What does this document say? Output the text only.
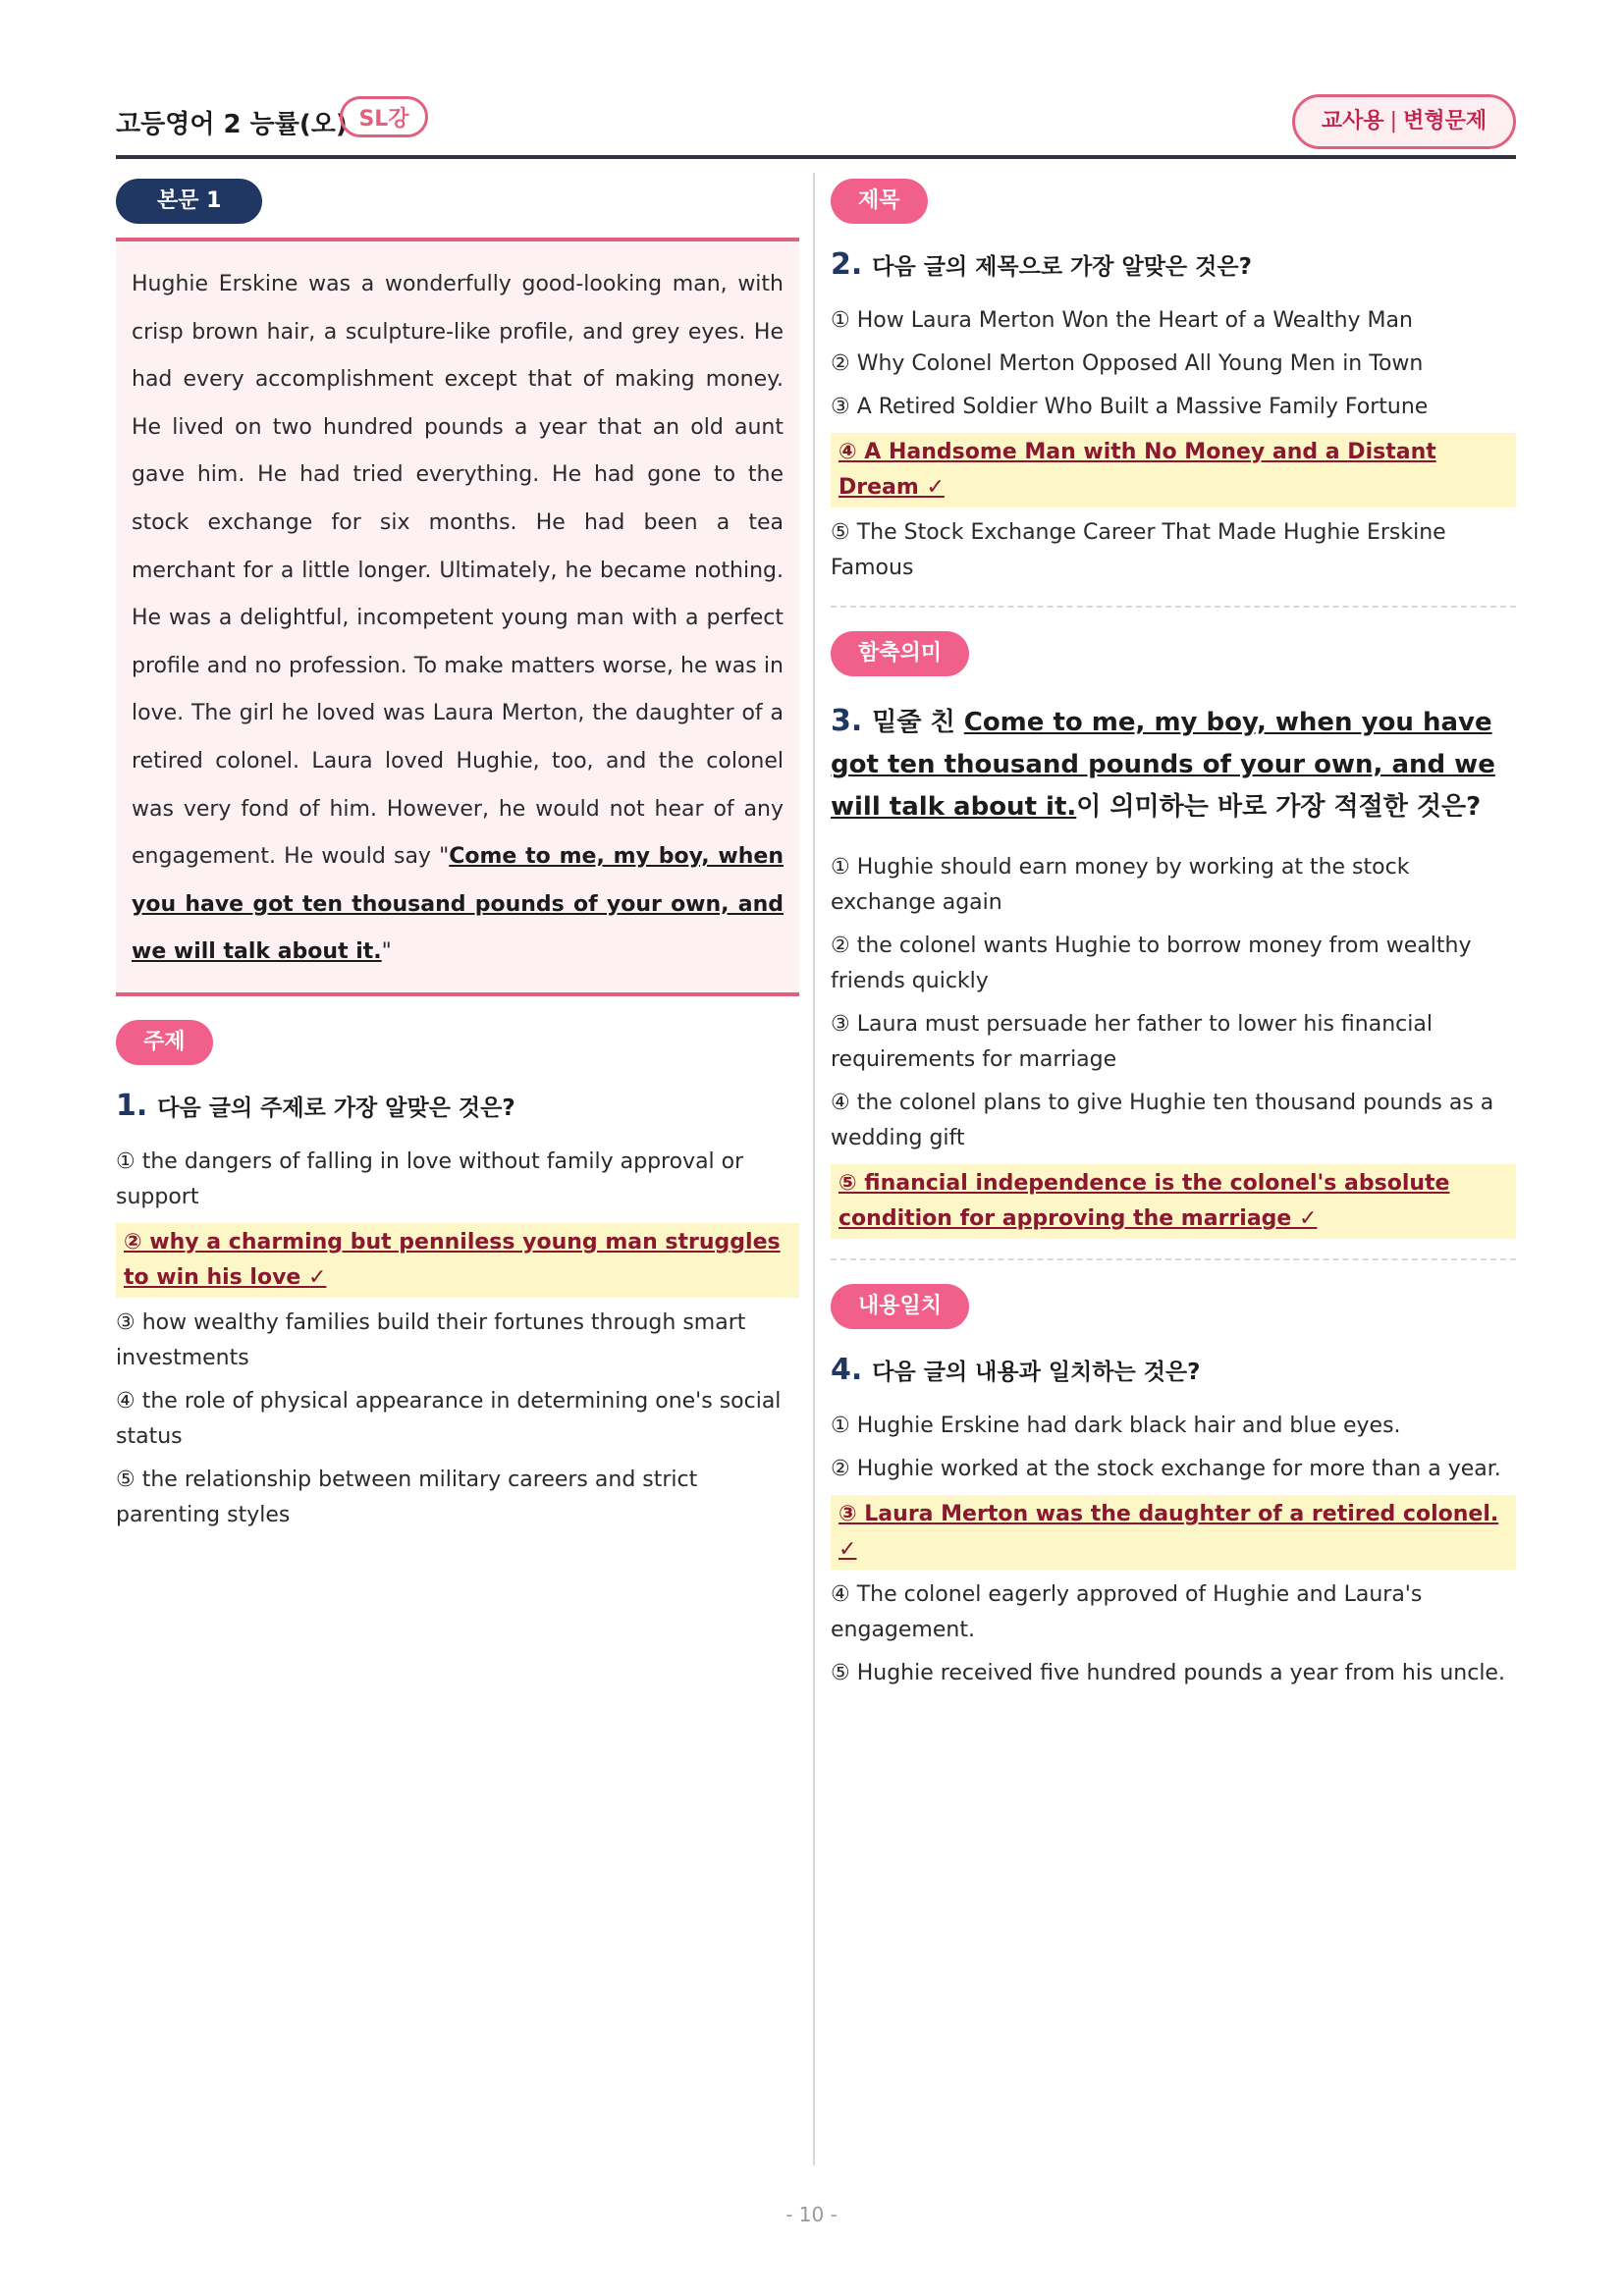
고등영어 2 능률(오) SL강	교사용 | 변형문제
본문 1

Hughie Erskine was a wonderfully good-looking man, with crisp brown hair, a sculpture-like profile, and grey eyes. He had every accomplishment except that of making money. He lived on two hundred pounds a year that an old aunt gave him. He had tried everything. He had gone to the stock exchange for six months. He had been a tea merchant for a little longer. Ultimately, he became nothing. He was a delightful, incompetent young man with a perfect profile and no profession. To make matters worse, he was in love. The girl he loved was Laura Merton, the daughter of a retired colonel. Laura loved Hughie, too, and the colonel was very fond of him. However, he would not hear of any engagement. He would say "Come to me, my boy, when you have got ten thousand pounds of your own, and we will talk about it."

주제
1. 다음 글의 주제로 가장 알맞은 것은?
① the dangers of falling in love without family approval or support
② why a charming but penniless young man struggles to win his love ✓
③ how wealthy families build their fortunes through smart investments
④ the role of physical appearance in determining one's social status
⑤ the relationship between military careers and strict parenting styles
제목
2. 다음 글의 제목으로 가장 알맞은 것은?
① How Laura Merton Won the Heart of a Wealthy Man
② Why Colonel Merton Opposed All Young Men in Town
③ A Retired Soldier Who Built a Massive Family Fortune
④ A Handsome Man with No Money and a Distant Dream ✓
⑤ The Stock Exchange Career That Made Hughie Erskine Famous
함축의미
3. 밑줄 친 Come to me, my boy, when you have got ten thousand pounds of your own, and we will talk about it.이 의미하는 바로 가장 적절한 것은?
① Hughie should earn money by working at the stock exchange again
② the colonel wants Hughie to borrow money from wealthy friends quickly
③ Laura must persuade her father to lower his financial requirements for marriage
④ the colonel plans to give Hughie ten thousand pounds as a wedding gift
⑤ financial independence is the colonel's absolute condition for approving the marriage ✓
내용일치
4. 다음 글의 내용과 일치하는 것은?
① Hughie Erskine had dark black hair and blue eyes.
② Hughie worked at the stock exchange for more than a year.
③ Laura Merton was the daughter of a retired colonel. ✓
④ The colonel eagerly approved of Hughie and Laura's engagement.
⑤ Hughie received five hundred pounds a year from his uncle.
- 10 -
